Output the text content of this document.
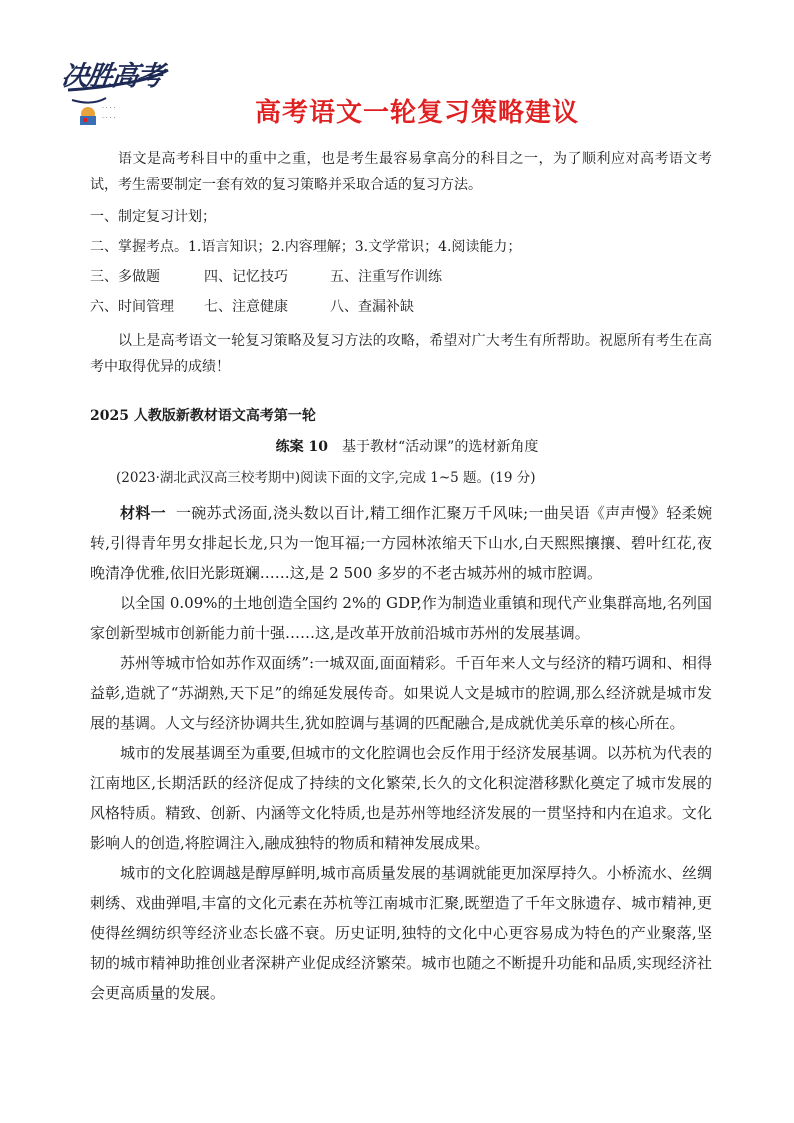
· · · ·
· · · ·
决胜高考
高考语文一轮复习策略建议

语文是高考科目中的重中之重，也是考生最容易拿高分的科目之一，为了顺利应对高考语文考试，考生需要制定一套有效的复习策略并采取合适的复习方法。

一、制定复习计划；
二、掌握考点。1.语言知识；2.内容理解；3.文学常识；4.阅读能力；
三、多做题	四、记忆技巧	五、注重写作训练
六、时间管理 七、注意健康	八、查漏补缺

以上是高考语文一轮复习策略及复习方法的攻略，希望对广大考生有所帮助。祝愿所有考生在高考中取得优异的成绩！

2025 人教版新教材语文高考第一轮
练案 10 基于教材“活动课”的选材新角度
(2023·湖北武汉高三校考期中)阅读下面的文字,完成 1~5 题。(19 分)

材料一 一碗苏式汤面,浇头数以百计,精工细作汇聚万千风味;一曲吴语《声声慢》轻柔婉转,引得青年男女排起长龙,只为一饱耳福;一方园林浓缩天下山水,白天熙熙攘攘、碧叶红花,夜晚清净优雅,依旧光影斑斓……这,是 2 500 多岁的不老古城苏州的城市腔调。

以全国 0.09%的土地创造全国约 2%的 GDP,作为制造业重镇和现代产业集群高地,名列国家创新型城市创新能力前十强……这,是改革开放前沿城市苏州的发展基调。

苏州等城市恰如苏作双面绣”:一城双面,面面精彩。千百年来人文与经济的精巧调和、相得益彰,造就了“苏湖熟,天下足”的绵延发展传奇。如果说人文是城市的腔调,那么经济就是城市发展的基调。人文与经济协调共生,犹如腔调与基调的匹配融合,是成就优美乐章的核心所在。

城市的发展基调至为重要,但城市的文化腔调也会反作用于经济发展基调。以苏杭为代表的江南地区,长期活跃的经济促成了持续的文化繁荣,长久的文化积淀潜移默化奠定了城市发展的风格特质。精致、创新、内涵等文化特质,也是苏州等地经济发展的一贯坚持和内在追求。文化影响人的创造,将腔调注入,融成独特的物质和精神发展成果。

城市的文化腔调越是醇厚鲜明,城市高质量发展的基调就能更加深厚持久。小桥流水、丝绸刺绣、戏曲弹唱,丰富的文化元素在苏杭等江南城市汇聚,既塑造了千年文脉遗存、城市精神,更使得丝绸纺织等经济业态长盛不衰。历史证明,独特的文化中心更容易成为特色的产业聚落,坚韧的城市精神助推创业者深耕产业促成经济繁荣。城市也随之不断提升功能和品质,实现经济社会更高质量的发展。
